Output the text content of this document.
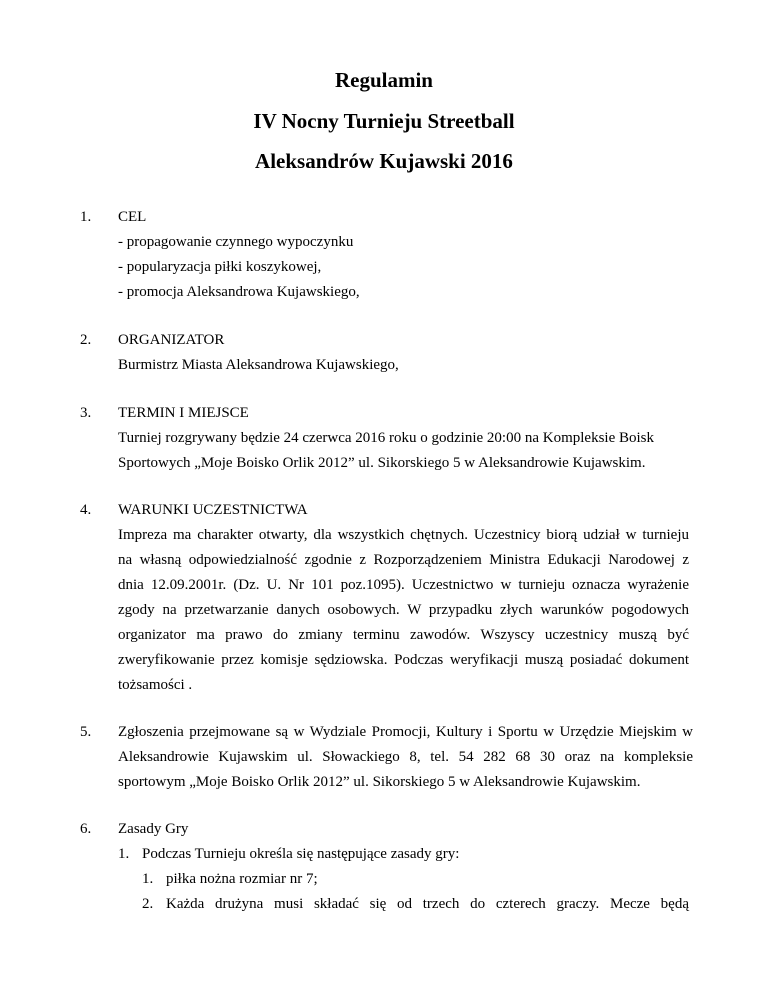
Regulamin
IV Nocny Turnieju Streetball
Aleksandrów Kujawski 2016
1. CEL
- propagowanie czynnego wypoczynku
- popularyzacja piłki koszykowej,
- promocja Aleksandrowa Kujawskiego,
2. ORGANIZATOR
Burmistrz Miasta Aleksandrowa Kujawskiego,
3. TERMIN I MIEJSCE
Turniej rozgrywany będzie 24 czerwca 2016 roku o godzinie 20:00 na Kompleksie Boisk
Sportowych „Moje Boisko Orlik 2012” ul. Sikorskiego 5 w Aleksandrowie Kujawskim.
4. WARUNKI UCZESTNICTWA
Impreza ma charakter otwarty, dla wszystkich chętnych. Uczestnicy biorą udział w turnieju
na własną odpowiedzialność zgodnie z Rozporządzeniem Ministra Edukacji Narodowej z
dnia 12.09.2001r. (Dz. U. Nr 101 poz.1095). Uczestnictwo w turnieju oznacza wyrażenie
zgody na przetwarzanie danych osobowych. W przypadku złych warunków pogodowych
organizator ma prawo do zmiany terminu zawodów. Wszyscy uczestnicy muszą być
zweryfikowanie przez komisje sędziowska. Podczas weryfikacji muszą posiadać dokument
tożsamości .
5. Zgłoszenia przejmowane są w Wydziale Promocji, Kultury i Sportu w Urzędzie Miejskim w
Aleksandrowie Kujawskim ul. Słowackiego 8, tel. 54 282 68 30 oraz na kompleksie
sportowym „Moje Boisko Orlik 2012” ul. Sikorskiego 5 w Aleksandrowie Kujawskim.
6. Zasady Gry
1. Podczas Turnieju określa się następujące zasady gry:
1. piłka nożna rozmiar nr 7;
2. Każda drużyna musi składać się od trzech do czterech graczy. Mecze będą
